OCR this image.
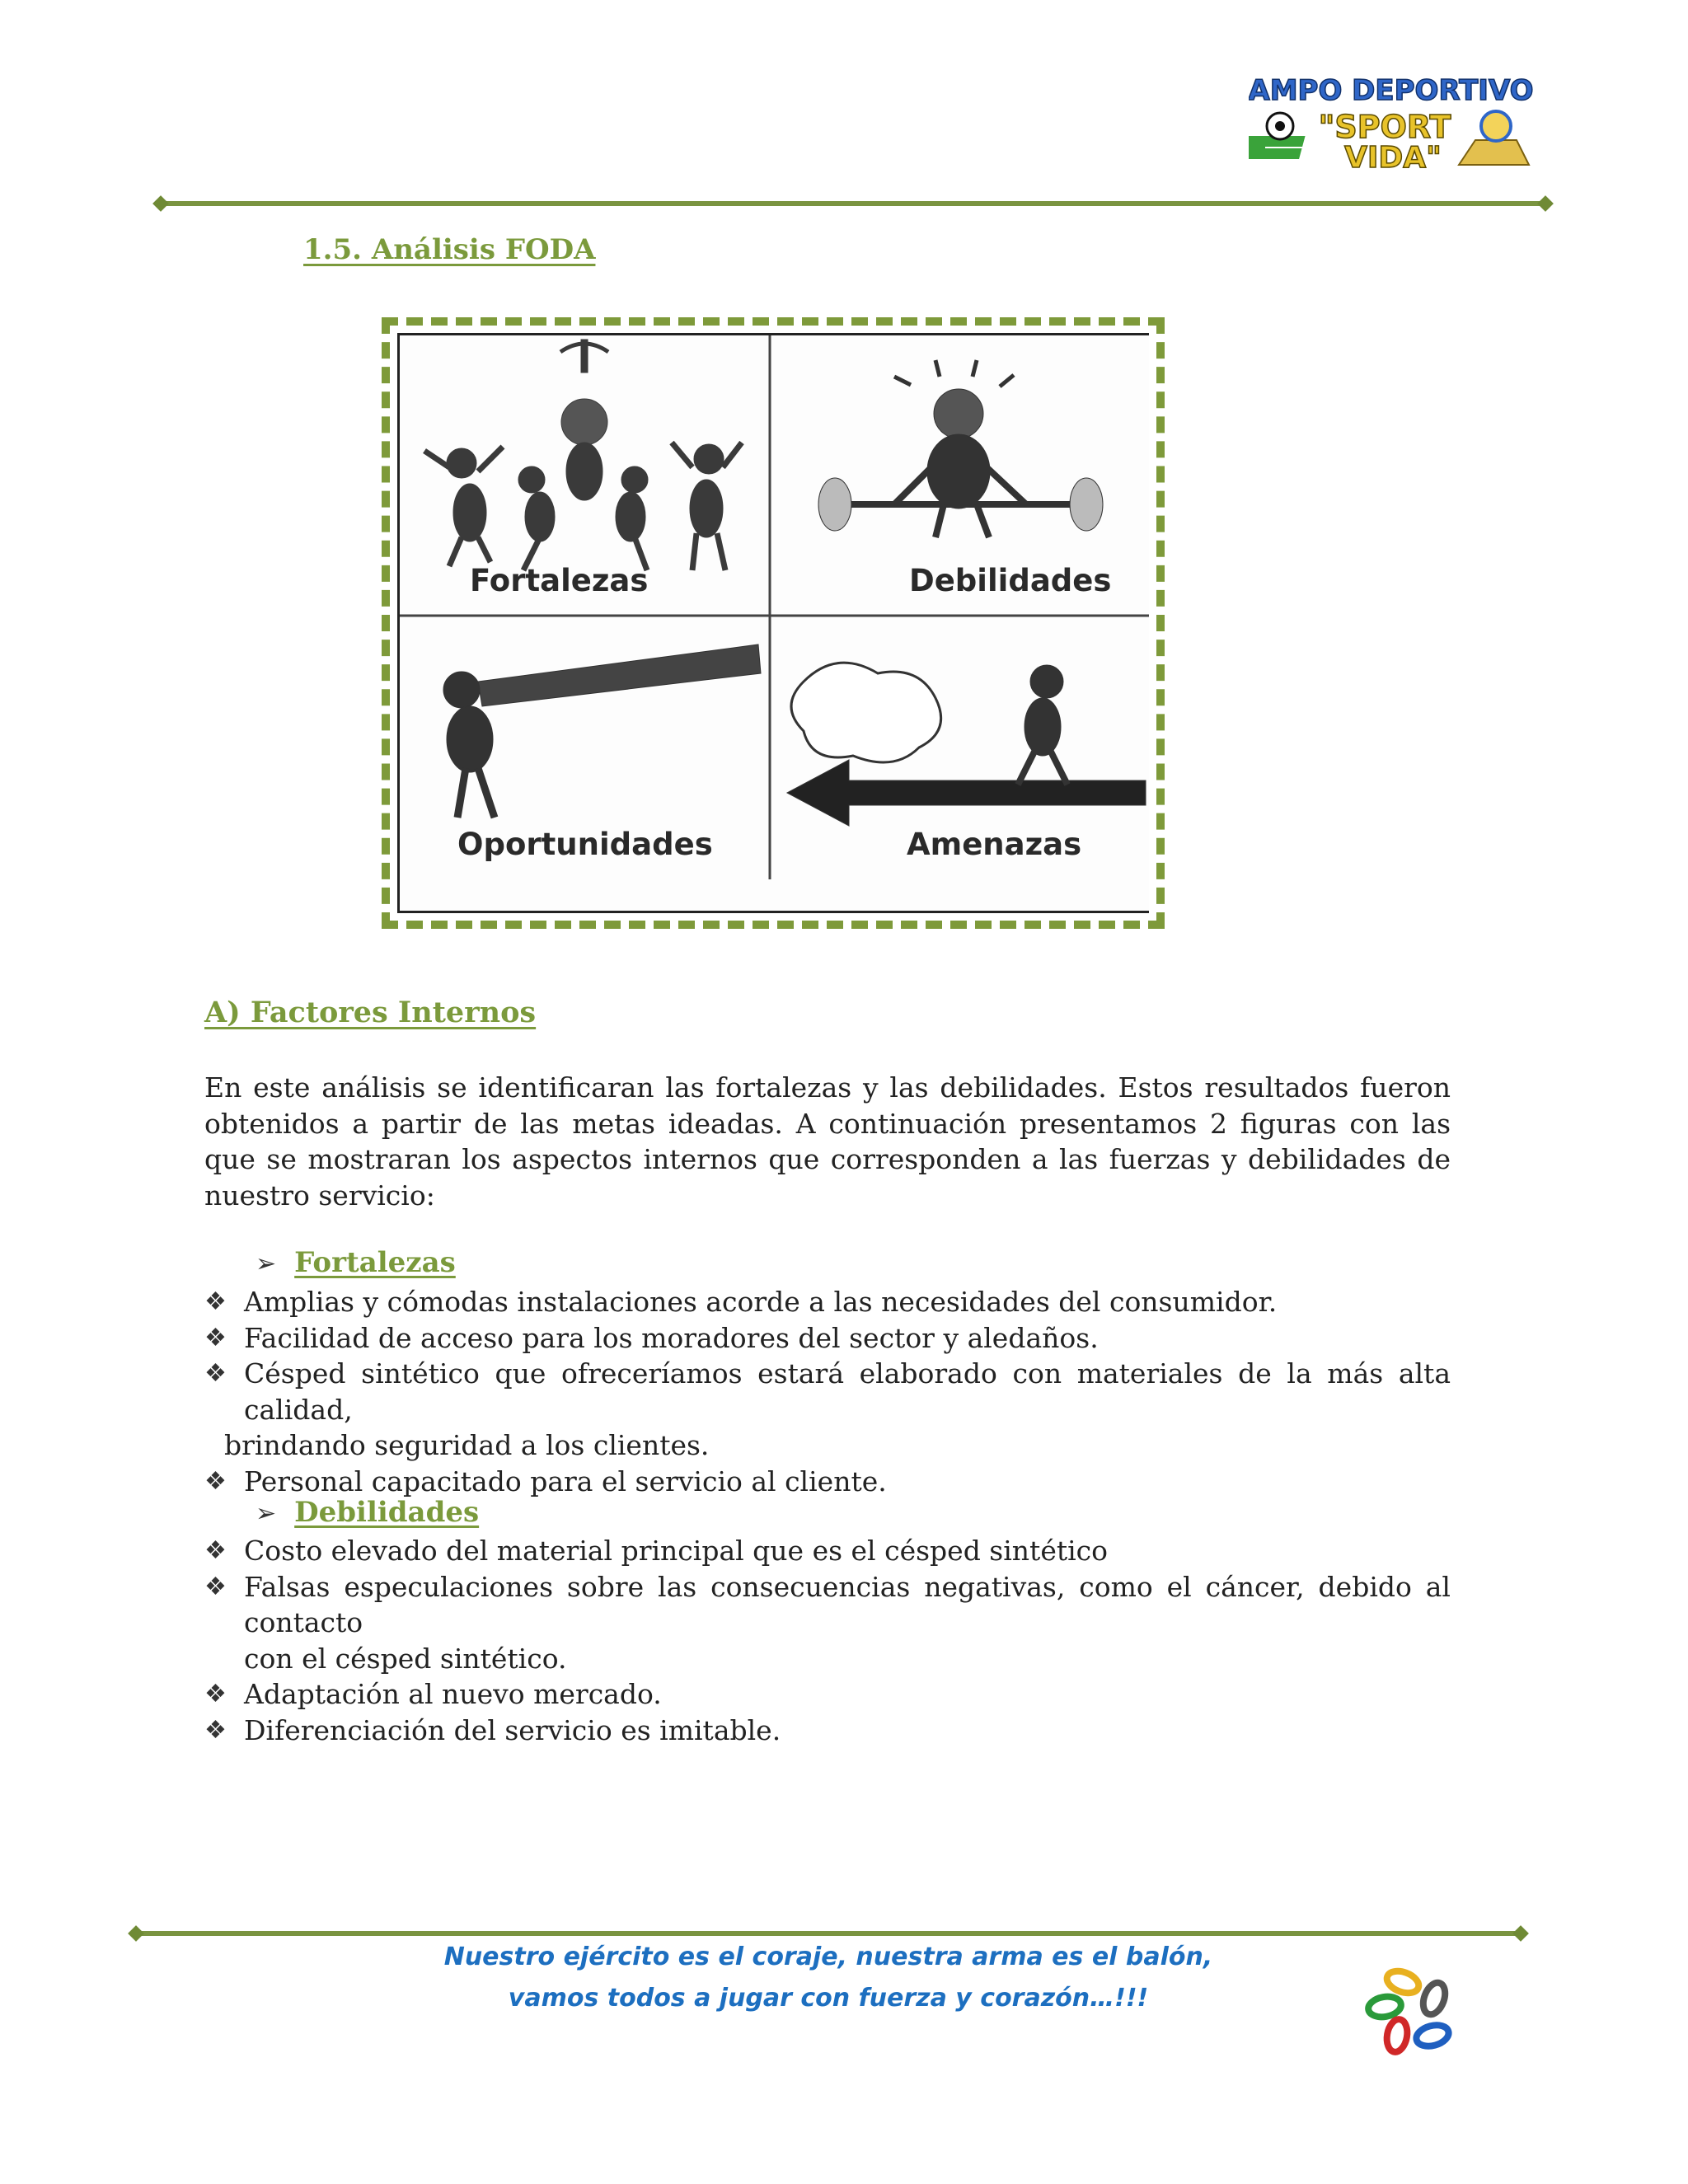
CAMPO DEPORTIVO
"SPORT
VIDA"
1.5. Análisis FODA
Fortalezas	Debilidades
Oportunidades	Amenazas
A) Factores Internos
En este análisis se identificaran las fortalezas y las debilidades. Estos resultados fueron obtenidos a partir de las metas ideadas. A continuación presentamos 2 figuras con las que se mostraran los aspectos internos que corresponden a las fuerzas y debilidades de nuestro servicio:
➢ Fortalezas
❖ Amplias y cómodas instalaciones acorde a las necesidades del consumidor.
❖ Facilidad de acceso para los moradores del sector y aledaños.
❖ Césped sintético que ofreceríamos estará elaborado con materiales de la más alta calidad,
brindando seguridad a los clientes.
❖ Personal capacitado para el servicio al cliente.
➢ Debilidades
❖ Costo elevado del material principal que es el césped sintético
❖ Falsas especulaciones sobre las consecuencias negativas, como el cáncer, debido al contacto
con el césped sintético.
❖ Adaptación al nuevo mercado.
❖ Diferenciación del servicio es imitable.
Nuestro ejército es el coraje, nuestra arma es el balón,
vamos todos a jugar con fuerza y corazón…!!!
